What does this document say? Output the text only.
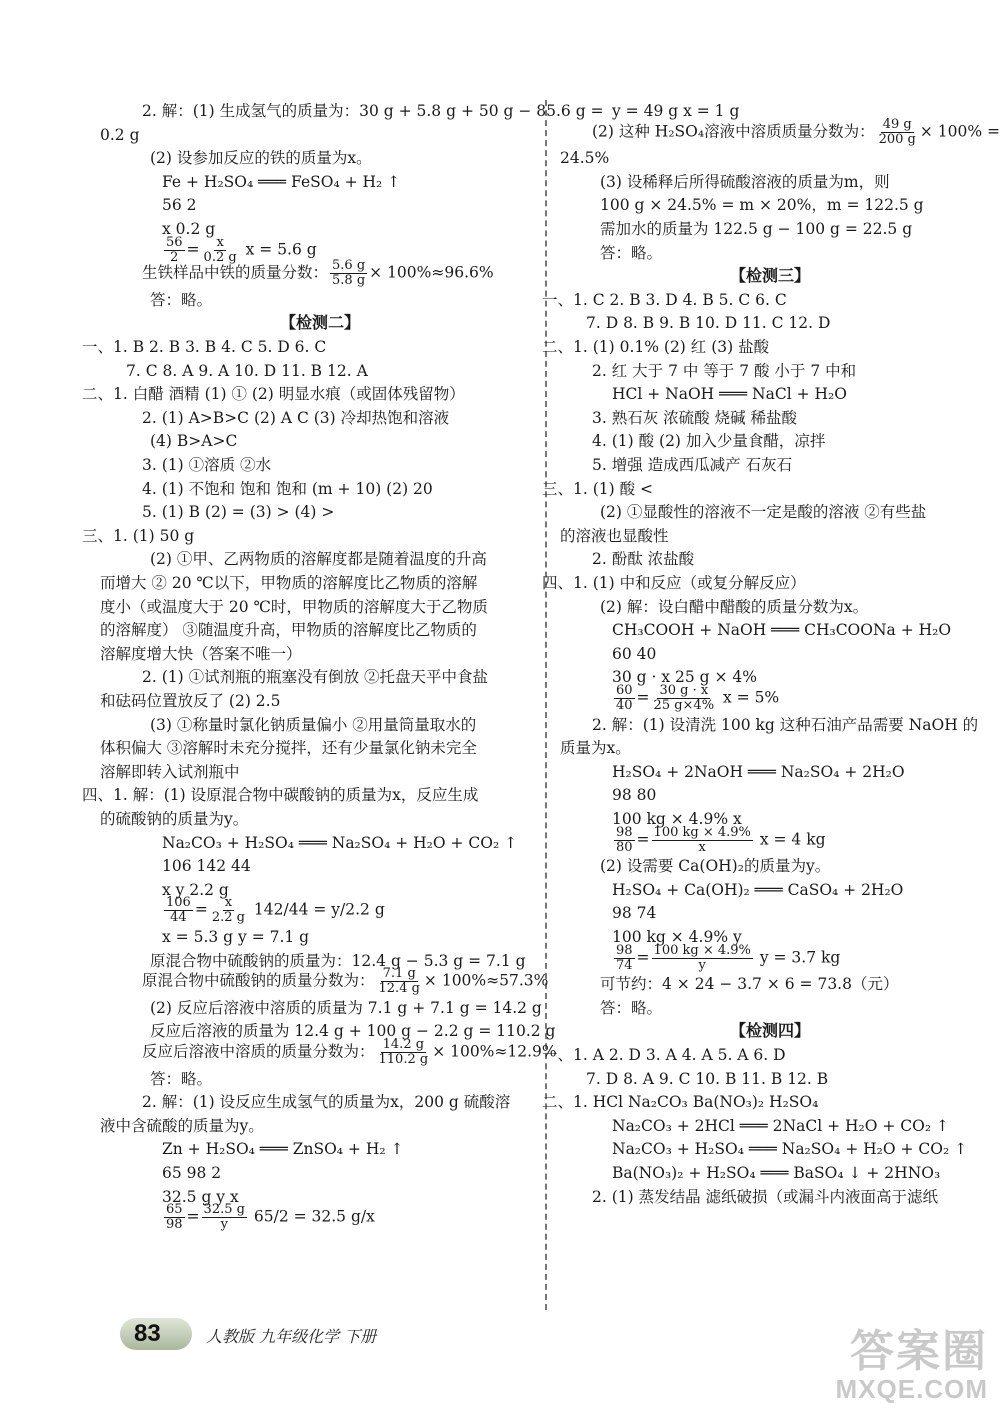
2. 解：(1) 生成氢气的质量为：30 g + 5.8 g + 50 g − 85.6 g =
0.2 g
(2) 设参加反应的铁的质量为x。
Fe + H₂SO₄ ═══ FeSO₄ + H₂ ↑
56 2
x 0.2 g
$\frac{56}{2} = \frac{x}{0.2 g}$ x = 5.6 g
生铁样品中铁的质量分数： $\frac{5.6 g}{5.8 g} \times 100\%\approx 96.6\%$
答：略。
【检测二】
一、1. B 2. B 3. B 4. C 5. D 6. C
7. C 8. A 9. A 10. D 11. B 12. A
二、1. 白醋 酒精 (1) ① (2) 明显水痕（或固体残留物）
2. (1) A>B>C (2) A C (3) 冷却热饱和溶液
(4) B>A>C
3. (1) ①溶质 ②水
4. (1) 不饱和 饱和 饱和 (m + 10) (2) 20
5. (1) B (2) = (3) > (4) >
三、1. (1) 50 g
(2) ①甲、乙两物质的溶解度都是随着温度的升高
而增大 ② 20 ℃以下，甲物质的溶解度比乙物质的溶解
度小（或温度大于 20 ℃时，甲物质的溶解度大于乙物质
的溶解度） ③随温度升高，甲物质的溶解度比乙物质的
溶解度增大快（答案不唯一）
2. (1) ①试剂瓶的瓶塞没有倒放 ②托盘天平中食盐
和砝码位置放反了 (2) 2.5
(3) ①称量时氯化钠质量偏小 ②用量筒量取水的
体积偏大 ③溶解时未充分搅拌，还有少量氯化钠未完全
溶解即转入试剂瓶中
四、1. 解：(1) 设原混合物中碳酸钠的质量为x，反应生成
的硫酸钠的质量为y。
Na₂CO₃ + H₂SO₄ ═══ Na₂SO₄ + H₂O + CO₂ ↑
106 142 44
x y 2.2 g
$\frac{106}{44} = \frac{x}{2.2 g} 142/44 = y/2.2$ g
x = 5.3 g y = 7.1 g
原混合物中硫酸钠的质量为：12.4 g − 5.3 g = 7.1 g
原混合物中硫酸钠的质量分数为： $\frac{7.1 g}{12.4 g} \times 100\%\approx 57.3\%$
(2) 反应后溶液中溶质的质量为 7.1 g + 7.1 g = 14.2 g
反应后溶液的质量为 12.4 g + 100 g − 2.2 g = 110.2 g
反应后溶液中溶质的质量分数为： $\frac{14.2 g}{110.2 g} \times 100\%\approx 12.9\%$
答：略。
2. 解：(1) 设反应生成氢气的质量为x，200 g 硫酸溶
液中含硫酸的质量为y。
Zn + H₂SO₄ ═══ ZnSO₄ + H₂ ↑
65 98 2
32.5 g y x
$\frac{65}{98} = \frac{32.5 g}{y} 65/2 = 32.5$ g/x
y = 49 g x = 1 g
(2) 这种 H₂SO₄溶液中溶质质量分数为： $\frac{49 g}{200 g} \times 100\%$ =
24.5%
(3) 设稀释后所得硫酸溶液的质量为m，则
100 g × 24.5% = m × 20%，m = 122.5 g
需加水的质量为 122.5 g − 100 g = 22.5 g
答：略。
【检测三】
一、1. C 2. B 3. D 4. B 5. C 6. C
7. D 8. B 9. B 10. D 11. C 12. D
二、1. (1) 0.1% (2) 红 (3) 盐酸
2. 红 大于 7 中 等于 7 酸 小于 7 中和
HCl + NaOH ═══ NaCl + H₂O
3. 熟石灰 浓硫酸 烧碱 稀盐酸
4. (1) 酸 (2) 加入少量食醋，凉拌
5. 增强 造成西瓜减产 石灰石
三、1. (1) 酸 <
(2) ①显酸性的溶液不一定是酸的溶液 ②有些盐
的溶液也显酸性
2. 酚酞 浓盐酸
四、1. (1) 中和反应（或复分解反应）
(2) 解：设白醋中醋酸的质量分数为x。
CH₃COOH + NaOH ═══ CH₃COONa + H₂O
60 40
30 g · x 25 g × 4%
$\frac{60}{40} = \frac{30 g \cdot x}{25 g\times 4\%}$ x = 5%
2. 解：(1) 设清洗 100 kg 这种石油产品需要 NaOH 的
质量为x。
H₂SO₄ + 2NaOH ═══ Na₂SO₄ + 2H₂O
98 80
100 kg × 4.9% x
$\frac{98}{80} = \frac{100 kg \times 4.9\%}{x}$ x = 4 kg
(2) 设需要 Ca(OH)₂的质量为y。
H₂SO₄ + Ca(OH)₂ ═══ CaSO₄ + 2H₂O
98 74
100 kg × 4.9% y
$\frac{98}{74} = \frac{100 kg \times 4.9\%}{y}$ y = 3.7 kg
可节约：4 × 24 − 3.7 × 6 = 73.8（元）
答：略。
【检测四】
一、1. A 2. D 3. A 4. A 5. A 6. D
7. D 8. A 9. C 10. B 11. B 12. B
二、1. HCl Na₂CO₃ Ba(NO₃)₂ H₂SO₄
Na₂CO₃ + 2HCl ═══ 2NaCl + H₂O + CO₂ ↑
Na₂CO₃ + H₂SO₄ ═══ Na₂SO₄ + H₂O + CO₂ ↑
Ba(NO₃)₂ + H₂SO₄ ═══ BaSO₄ ↓ + 2HNO₃
2. (1) 蒸发结晶 滤纸破损（或漏斗内液面高于滤纸
83	人教版 九年级化学 下册	答案圈
MXQE.COM
